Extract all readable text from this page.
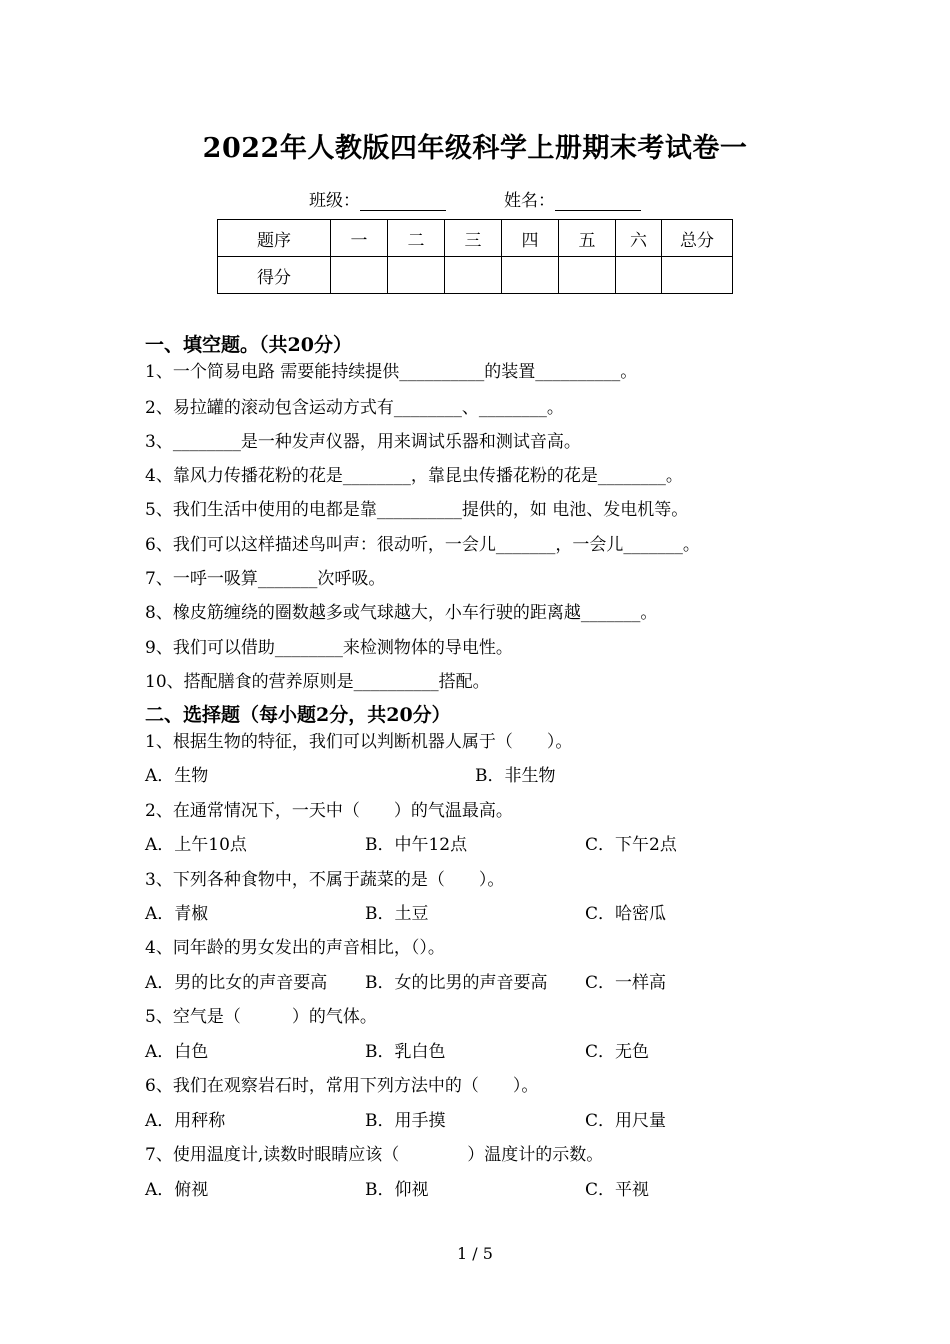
2022年人教版四年级科学上册期末考试卷一
班级：	姓名：
题序	一	二	三	四	五	六	总分
得分							
一、填空题。（共20分）
1、一个简易电路 需要能持续提供__________的装置__________。
2、易拉罐的滚动包含运动方式有________、________。
3、________是一种发声仪器，用来调试乐器和测试音高。
4、靠风力传播花粉的花是________，靠昆虫传播花粉的花是________。
5、我们生活中使用的电都是靠__________提供的，如 电池、发电机等。
6、我们可以这样描述鸟叫声：很动听，一会儿_______，一会儿_______。
7、一呼一吸算_______次呼吸。
8、橡皮筋缠绕的圈数越多或气球越大，小车行驶的距离越_______。
9、我们可以借助________来检测物体的导电性。
10、搭配膳食的营养原则是__________搭配。
二、选择题（每小题2分，共20分）
1、根据生物的特征，我们可以判断机器人属于（　　）。
A．生物	B．非生物
2、在通常情况下，一天中（　　）的气温最高。
A．上午10点	B．中午12点	C．下午2点
3、下列各种食物中，不属于蔬菜的是（　　）。
A．青椒	B．土豆	C．哈密瓜
4、同年龄的男女发出的声音相比，（）。
A．男的比女的声音要高 B．女的比男的声音要高 C．一样高
5、空气是（　　　）的气体。
A．白色	B．乳白色	C．无色
6、我们在观察岩石时，常用下列方法中的（　　）。
A．用秤称	B．用手摸	C．用尺量
7、使用温度计,读数时眼睛应该（　　　　）温度计的示数。
A．俯视	B．仰视	C．平视
1 / 5
